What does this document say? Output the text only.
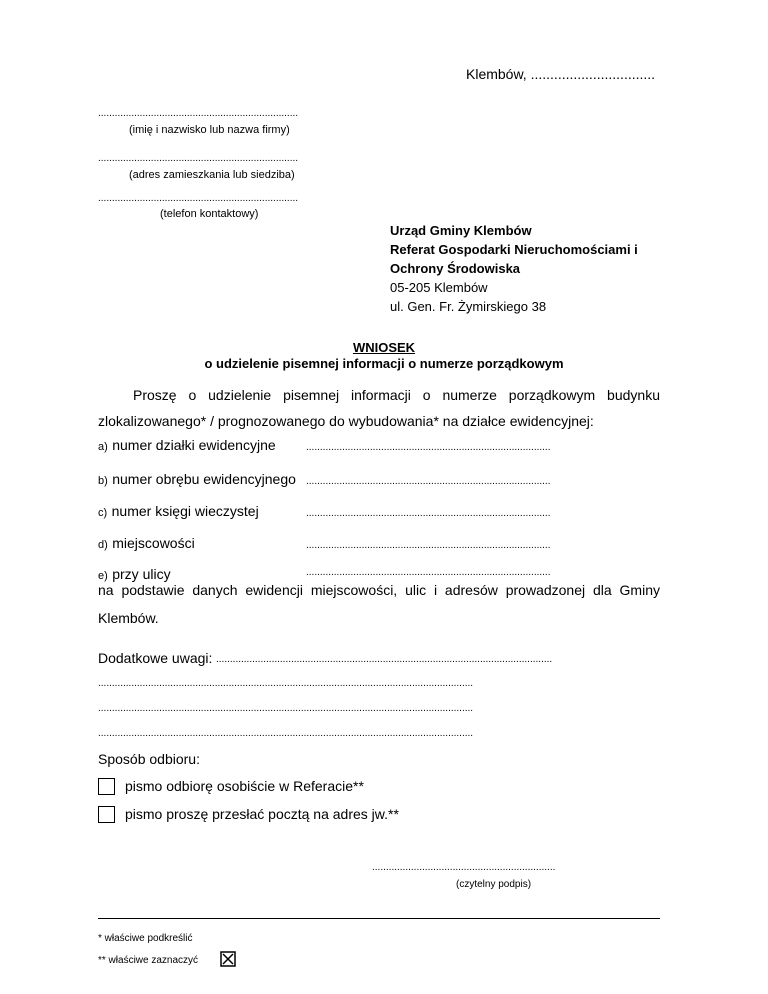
Klembów, ................................
........................................................................
(imię i nazwisko lub nazwa firmy)
........................................................................
(adres zamieszkania lub siedziba)
........................................................................
(telefon kontaktowy)
Urząd Gminy Klembów
Referat Gospodarki Nieruchomościami i
Ochrony Środowiska
05-205 Klembów
ul. Gen. Fr. Żymirskiego 38
WNIOSEK
o udzielenie pisemnej informacji o numerze porządkowym
Proszę o udzielenie pisemnej informacji o numerze porządkowym budynku
zlokalizowanego* / prognozowanego do wybudowania* na działce ewidencyjnej:
a) numer działki ewidencyjne	........................................................................................
b) numer obrębu ewidencyjnego ........................................................................................
c) numer księgi wieczystej	........................................................................................
d) miejscowości	........................................................................................
e) przy ulicy	........................................................................................
na podstawie danych ewidencji miejscowości, ulic i adresów prowadzonej dla Gminy
Klembów.
Dodatkowe uwagi: .........................................................................................................................
.......................................................................................................................................
.......................................................................................................................................
.......................................................................................................................................
Sposób odbioru:
pismo odbiorę osobiście w Referacie**
pismo proszę przesłać pocztą na adres jw.**
..................................................................
(czytelny podpis)
* właściwe podkreślić
** właściwe zaznaczyć
